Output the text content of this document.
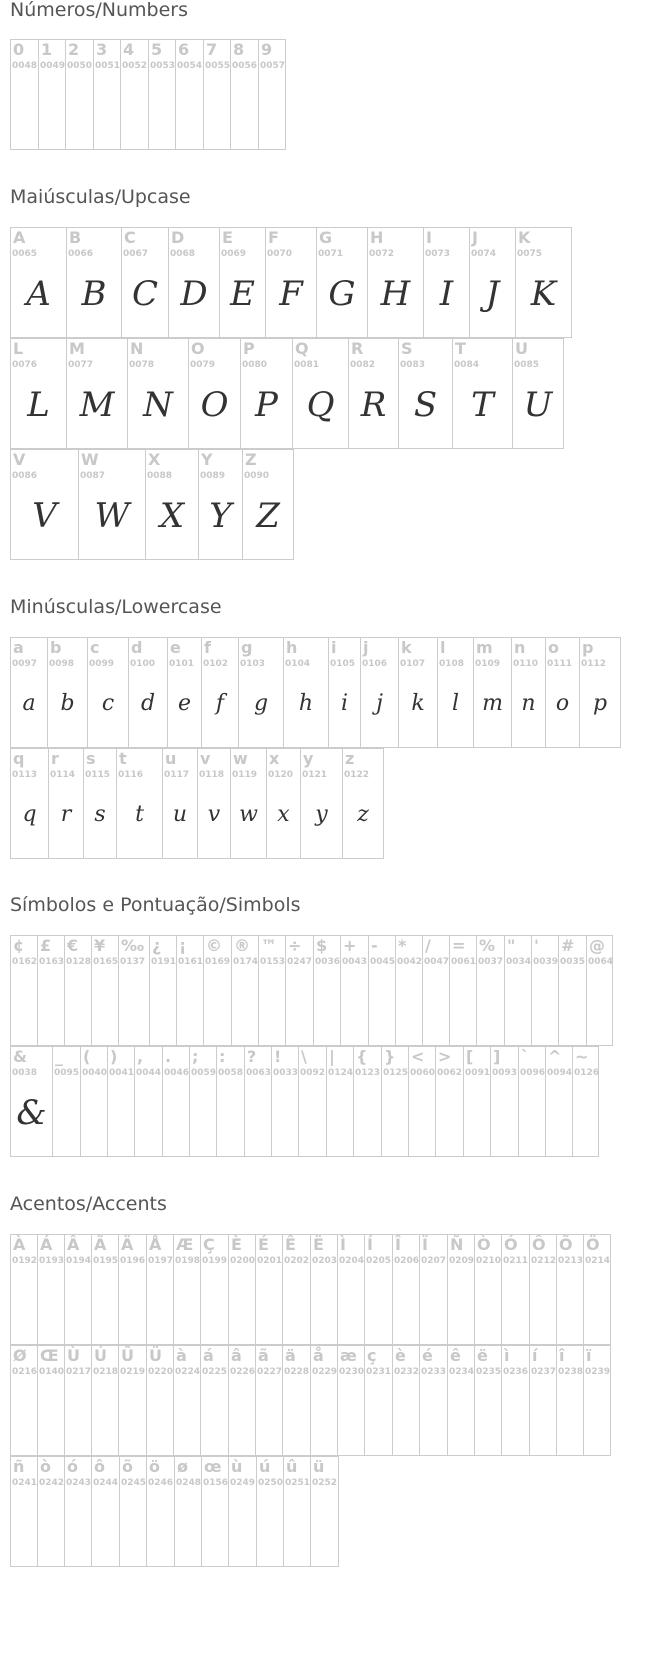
Números/Numbers
0
0048
1
0049
2
0050
3
0051
4
0052
5
0053
6
0054
7
0055
8
0056
9
0057
Maiúsculas/Upcase
A
0065
A
B
0066
B
C
0067
C
D
0068
D
E
0069
E
F
0070
F
G
0071
G
H
0072
H
I
0073
I
J
0074
J
K
0075
K
L
0076
L
M
0077
M
N
0078
N
O
0079
O
P
0080
P
Q
0081
Q
R
0082
R
S
0083
S
T
0084
T
U
0085
U
V
0086
V
W
0087
W
X
0088
X
Y
0089
Y
Z
0090
Z
Minúsculas/Lowercase
a
0097
a
b
0098
b
c
0099
c
d
0100
d
e
0101
e
f
0102
f
g
0103
g
h
0104
h
i
0105
i
j
0106
j
k
0107
k
l
0108
l
m
0109
m
n
0110
n
o
0111
o
p
0112
p
q
0113
q
r
0114
r
s
0115
s
t
0116
t
u
0117
u
v
0118
v
w
0119
w
x
0120
x
y
0121
y
z
0122
z
Símbolos e Pontuação/Simbols
¢
0162
£
0163
€
0128
¥
0165
‰
0137
¿
0191
¡
0161
©
0169
®
0174
™
0153
÷
0247
$
0036
+
0043
-
0045
*
0042
/
0047
=
0061
%
0037
"
0034
'
0039
#
0035
@
0064
&
0038
&
_
0095
(
0040
)
0041
,
0044
.
0046
;
0059
:
0058
?
0063
!
0033
\
0092
|
0124
{
0123
}
0125
<
0060
>
0062
[
0091
]
0093
`
0096
^
0094
~
0126
Acentos/Accents
À
0192
Á
0193
Â
0194
Ã
0195
Ä
0196
Å
0197
Æ
0198
Ç
0199
È
0200
É
0201
Ê
0202
Ë
0203
Ì
0204
Í
0205
Î
0206
Ï
0207
Ñ
0209
Ò
0210
Ó
0211
Ô
0212
Õ
0213
Ö
0214
Ø
0216
Œ
0140
Ù
0217
Ú
0218
Û
0219
Ü
0220
à
0224
á
0225
â
0226
ã
0227
ä
0228
å
0229
æ
0230
ç
0231
è
0232
é
0233
ê
0234
ë
0235
ì
0236
í
0237
î
0238
ï
0239
ñ
0241
ò
0242
ó
0243
ô
0244
õ
0245
ö
0246
ø
0248
œ
0156
ù
0249
ú
0250
û
0251
ü
0252
